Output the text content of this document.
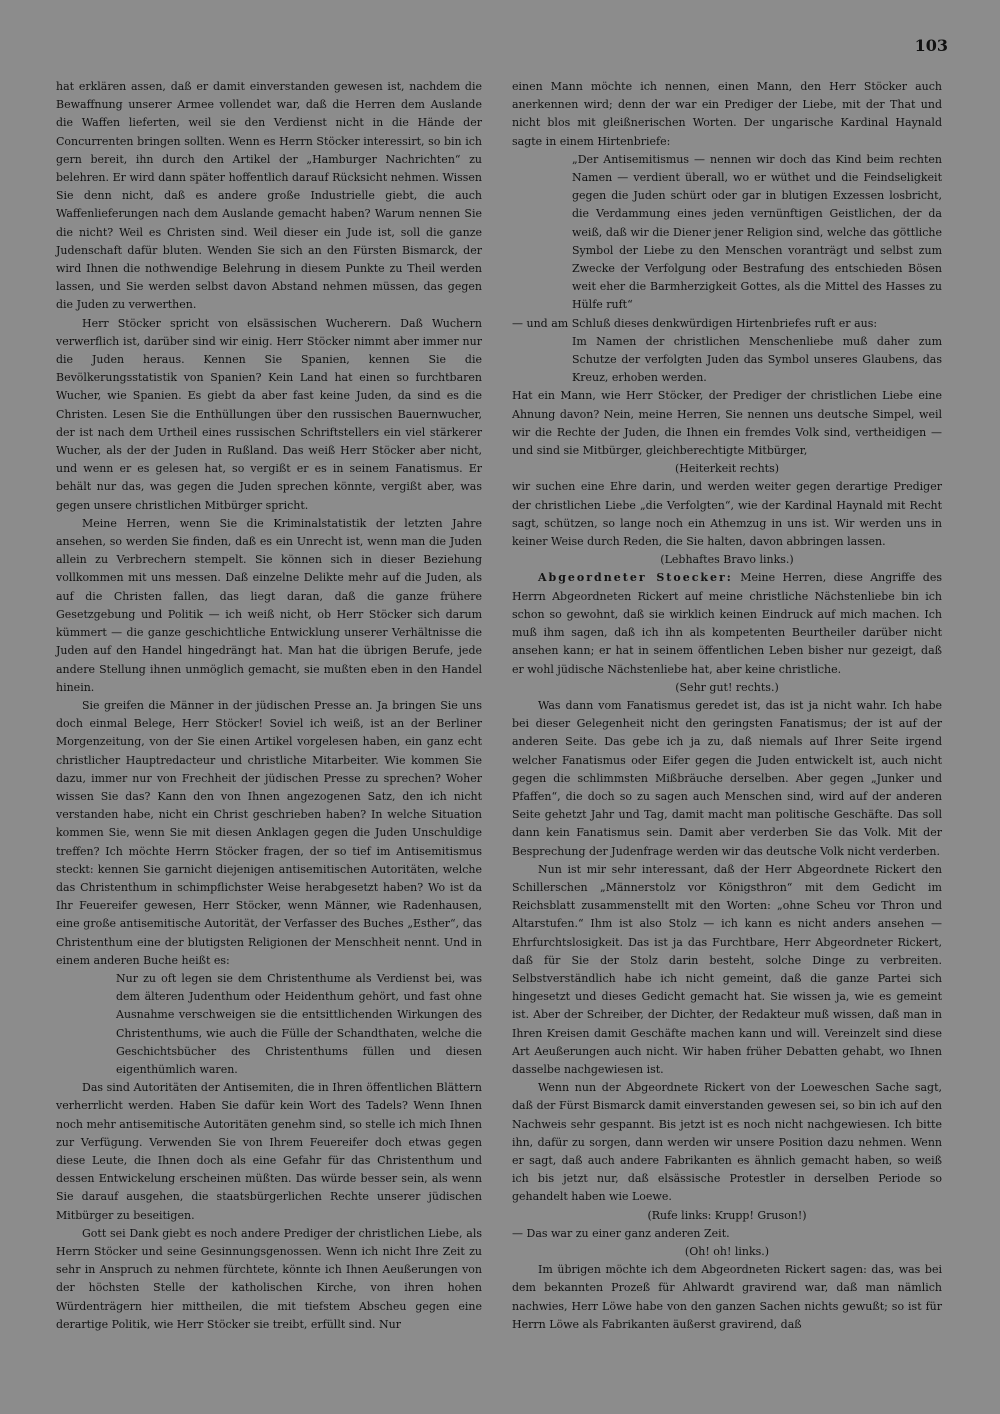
103

hat erklären assen, daß er damit einverstanden gewesen ist, nachdem die Bewaffnung unserer Armee vollendet war, daß die Herren dem Auslande die Waffen lieferten, weil sie den Verdienst nicht in die Hände der Concurrenten bringen sollten. Wenn es Herrn Stöcker interessirt, so bin ich gern bereit, ihn durch den Artikel der „Hamburger Nachrichten“ zu belehren. Er wird dann später hoffentlich darauf Rücksicht nehmen. Wissen Sie denn nicht, daß es andere große Industrielle giebt, die auch Waffenlieferungen nach dem Auslande gemacht haben? Warum nennen Sie die nicht? Weil es Christen sind. Weil dieser ein Jude ist, soll die ganze Judenschaft dafür bluten. Wenden Sie sich an den Fürsten Bismarck, der wird Ihnen die nothwendige Belehrung in diesem Punkte zu Theil werden lassen, und Sie werden selbst davon Abstand nehmen müssen, das gegen die Juden zu verwerthen.

Herr Stöcker spricht von elsässischen Wucherern. Daß Wuchern verwerflich ist, darüber sind wir einig. Herr Stöcker nimmt aber immer nur die Juden heraus. Kennen Sie Spanien, kennen Sie die Bevölkerungsstatistik von Spanien? Kein Land hat einen so furchtbaren Wucher, wie Spanien. Es giebt da aber fast keine Juden, da sind es die Christen. Lesen Sie die Enthüllungen über den russischen Bauernwucher, der ist nach dem Urtheil eines russischen Schriftstellers ein viel stärkerer Wucher, als der der Juden in Rußland. Das weiß Herr Stöcker aber nicht, und wenn er es gelesen hat, so vergißt er es in seinem Fanatismus. Er behält nur das, was gegen die Juden sprechen könnte, vergißt aber, was gegen unsere christlichen Mitbürger spricht.

Meine Herren, wenn Sie die Kriminalstatistik der letzten Jahre ansehen, so werden Sie finden, daß es ein Unrecht ist, wenn man die Juden allein zu Verbrechern stempelt. Sie können sich in dieser Beziehung vollkommen mit uns messen. Daß einzelne Delikte mehr auf die Juden, als auf die Christen fallen, das liegt daran, daß die ganze frühere Gesetzgebung und Politik — ich weiß nicht, ob Herr Stöcker sich darum kümmert — die ganze geschichtliche Entwicklung unserer Verhältnisse die Juden auf den Handel hingedrängt hat. Man hat die übrigen Berufe, jede andere Stellung ihnen unmöglich gemacht, sie mußten eben in den Handel hinein.

Sie greifen die Männer in der jüdischen Presse an. Ja bringen Sie uns doch einmal Belege, Herr Stöcker! Soviel ich weiß, ist an der Berliner Morgenzeitung, von der Sie einen Artikel vorgelesen haben, ein ganz echt christlicher Hauptredacteur und christliche Mitarbeiter. Wie kommen Sie dazu, immer nur von Frechheit der jüdischen Presse zu sprechen? Woher wissen Sie das? Kann den von Ihnen angezogenen Satz, den ich nicht verstanden habe, nicht ein Christ geschrieben haben? In welche Situation kommen Sie, wenn Sie mit diesen Anklagen gegen die Juden Unschuldige treffen? Ich möchte Herrn Stöcker fragen, der so tief im Antisemitismus steckt: kennen Sie garnicht diejenigen antisemitischen Autoritäten, welche das Christenthum in schimpflichster Weise herabgesetzt haben? Wo ist da Ihr Feuereifer gewesen, Herr Stöcker, wenn Männer, wie Radenhausen, eine große antisemitische Autorität, der Verfasser des Buches „Esther“, das Christenthum eine der blutigsten Religionen der Menschheit nennt. Und in einem anderen Buche heißt es:

Nur zu oft legen sie dem Christenthume als Verdienst bei, was dem älteren Judenthum oder Heidenthum gehört, und fast ohne Ausnahme verschweigen sie die entsittlichenden Wirkungen des Christenthums, wie auch die Fülle der Schandthaten, welche die Geschichtsbücher des Christenthums füllen und diesen eigenthümlich waren.

Das sind Autoritäten der Antisemiten, die in Ihren öffentlichen Blättern verherrlicht werden. Haben Sie dafür kein Wort des Tadels? Wenn Ihnen noch mehr antisemitische Autoritäten genehm sind, so stelle ich mich Ihnen zur Verfügung. Verwenden Sie von Ihrem Feuereifer doch etwas gegen diese Leute, die Ihnen doch als eine Gefahr für das Christenthum und dessen Entwickelung erscheinen müßten. Das würde besser sein, als wenn Sie darauf ausgehen, die staatsbürgerlichen Rechte unserer jüdischen Mitbürger zu beseitigen.

Gott sei Dank giebt es noch andere Prediger der christlichen Liebe, als Herrn Stöcker und seine Gesinnungsgenossen. Wenn ich nicht Ihre Zeit zu sehr in Anspruch zu nehmen fürchtete, könnte ich Ihnen Aeußerungen von der höchsten Stelle der katholischen Kirche, von ihren hohen Würdenträgern hier mittheilen, die mit tiefstem Abscheu gegen eine derartige Politik, wie Herr Stöcker sie treibt, erfüllt sind. Nur

einen Mann möchte ich nennen, einen Mann, den Herr Stöcker auch anerkennen wird; denn der war ein Prediger der Liebe, mit der That und nicht blos mit gleißnerischen Worten. Der ungarische Kardinal Haynald sagte in einem Hirtenbriefe:

„Der Antisemitismus — nennen wir doch das Kind beim rechten Namen — verdient überall, wo er wüthet und die Feindseligkeit gegen die Juden schürt oder gar in blutigen Exzessen losbricht, die Verdammung eines jeden vernünftigen Geistlichen, der da weiß, daß wir die Diener jener Religion sind, welche das göttliche Symbol der Liebe zu den Menschen voranträgt und selbst zum Zwecke der Verfolgung oder Bestrafung des entschieden Bösen weit eher die Barmherzigkeit Gottes, als die Mittel des Hasses zu Hülfe ruft“

— und am Schluß dieses denkwürdigen Hirtenbriefes ruft er aus:

Im Namen der christlichen Menschenliebe muß daher zum Schutze der verfolgten Juden das Symbol unseres Glaubens, das Kreuz, erhoben werden.

Hat ein Mann, wie Herr Stöcker, der Prediger der christlichen Liebe eine Ahnung davon? Nein, meine Herren, Sie nennen uns deutsche Simpel, weil wir die Rechte der Juden, die Ihnen ein fremdes Volk sind, vertheidigen — und sind sie Mitbürger, gleichberechtigte Mitbürger,

(Heiterkeit rechts)

wir suchen eine Ehre darin, und werden weiter gegen derartige Prediger der christlichen Liebe „die Verfolgten“, wie der Kardinal Haynald mit Recht sagt, schützen, so lange noch ein Athemzug in uns ist. Wir werden uns in keiner Weise durch Reden, die Sie halten, davon abbringen lassen.

(Lebhaftes Bravo links.)

Abgeordneter Stoecker: Meine Herren, diese Angriffe des Herrn Abgeordneten Rickert auf meine christliche Nächstenliebe bin ich schon so gewohnt, daß sie wirklich keinen Eindruck auf mich machen. Ich muß ihm sagen, daß ich ihn als kompetenten Beurtheiler darüber nicht ansehen kann; er hat in seinem öffentlichen Leben bisher nur gezeigt, daß er wohl jüdische Nächstenliebe hat, aber keine christliche.

(Sehr gut! rechts.)

Was dann vom Fanatismus geredet ist, das ist ja nicht wahr. Ich habe bei dieser Gelegenheit nicht den geringsten Fanatismus; der ist auf der anderen Seite. Das gebe ich ja zu, daß niemals auf Ihrer Seite irgend welcher Fanatismus oder Eifer gegen die Juden entwickelt ist, auch nicht gegen die schlimmsten Mißbräuche derselben. Aber gegen „Junker und Pfaffen“, die doch so zu sagen auch Menschen sind, wird auf der anderen Seite gehetzt Jahr und Tag, damit macht man politische Geschäfte. Das soll dann kein Fanatismus sein. Damit aber verderben Sie das Volk. Mit der Besprechung der Judenfrage werden wir das deutsche Volk nicht verderben.

Nun ist mir sehr interessant, daß der Herr Abgeordnete Rickert den Schillerschen „Männerstolz vor Königsthron“ mit dem Gedicht im Reichsblatt zusammenstellt mit den Worten: „ohne Scheu vor Thron und Altarstufen.“ Ihm ist also Stolz — ich kann es nicht anders ansehen — Ehrfurchtslosigkeit. Das ist ja das Furchtbare, Herr Abgeordneter Rickert, daß für Sie der Stolz darin besteht, solche Dinge zu verbreiten. Selbstverständlich habe ich nicht gemeint, daß die ganze Partei sich hingesetzt und dieses Gedicht gemacht hat. Sie wissen ja, wie es gemeint ist. Aber der Schreiber, der Dichter, der Redakteur muß wissen, daß man in Ihren Kreisen damit Geschäfte machen kann und will. Vereinzelt sind diese Art Aeußerungen auch nicht. Wir haben früher Debatten gehabt, wo Ihnen dasselbe nachgewiesen ist.

Wenn nun der Abgeordnete Rickert von der Loeweschen Sache sagt, daß der Fürst Bismarck damit einverstanden gewesen sei, so bin ich auf den Nachweis sehr gespannt. Bis jetzt ist es noch nicht nachgewiesen. Ich bitte ihn, dafür zu sorgen, dann werden wir unsere Position dazu nehmen. Wenn er sagt, daß auch andere Fabrikanten es ähnlich gemacht haben, so weiß ich bis jetzt nur, daß elsässische Protestler in derselben Periode so gehandelt haben wie Loewe.

(Rufe links: Krupp! Gruson!)

— Das war zu einer ganz anderen Zeit.

(Oh! oh! links.)

Im übrigen möchte ich dem Abgeordneten Rickert sagen: das, was bei dem bekannten Prozeß für Ahlwardt gravirend war, daß man nämlich nachwies, Herr Löwe habe von den ganzen Sachen nichts gewußt; so ist für Herrn Löwe als Fabrikanten äußerst gravirend, daß
